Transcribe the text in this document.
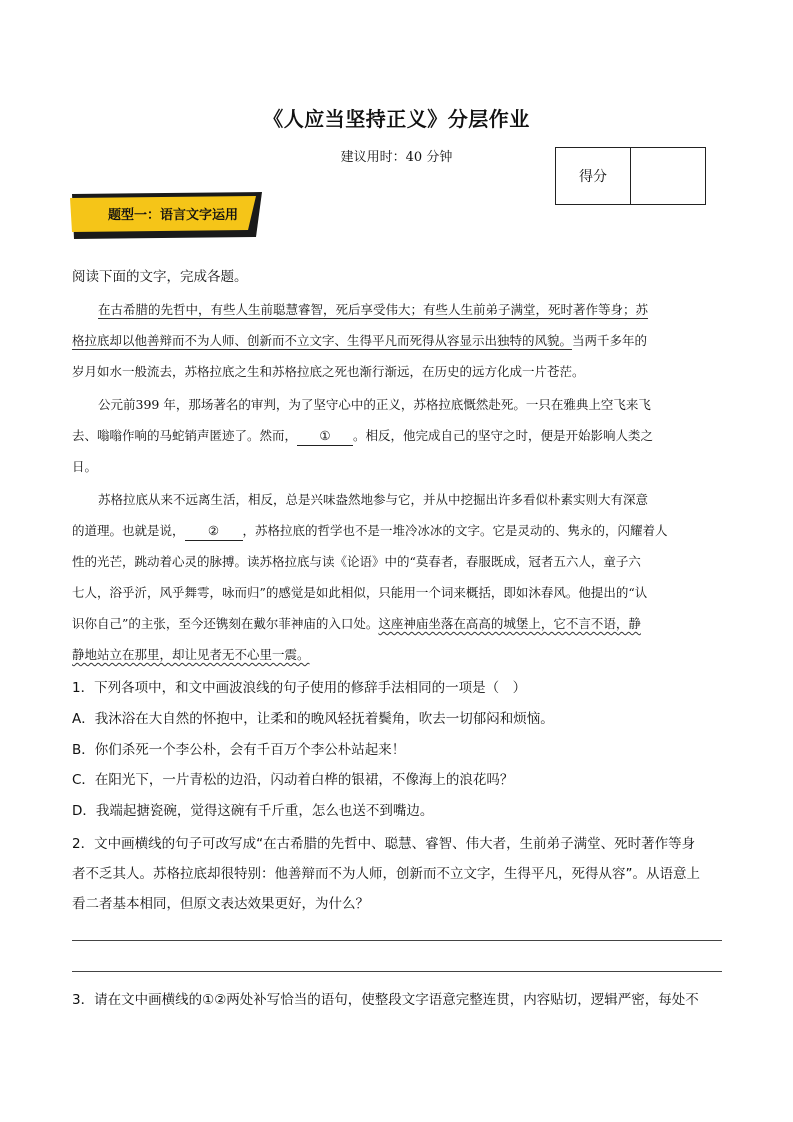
《人应当坚持正义》分层作业
建议用时：40 分钟
得分	
题型一：语言文字运用
阅读下面的文字，完成各题。
在古希腊的先哲中，有些人生前聪慧睿智，死后享受伟大；有些人生前弟子满堂，死时著作等身；苏
格拉底却以他善辩而不为人师、创新而不立文字、生得平凡而死得从容显示出独特的风貌。当两千多年的
岁月如水一般流去，苏格拉底之生和苏格拉底之死也渐行渐远，在历史的远方化成一片苍茫。
公元前399 年，那场著名的审判，为了坚守心中的正义，苏格拉底慨然赴死。一只在雅典上空飞来飞
去、嗡嗡作响的马蛇销声匿迹了。然而， ① 。相反，他完成自己的坚守之时，便是开始影响人类之
日。
苏格拉底从来不远离生活，相反，总是兴味盎然地参与它，并从中挖掘出许多看似朴素实则大有深意
的道理。也就是说， ② ，苏格拉底的哲学也不是一堆冷冰冰的文字。它是灵动的、隽永的，闪耀着人
性的光芒，跳动着心灵的脉搏。读苏格拉底与读《论语》中的“莫春者，春服既成，冠者五六人，童子六
七人，浴乎沂，风乎舞雩，咏而归”的感觉是如此相似，只能用一个词来概括，即如沐春风。他提出的“认
识你自己”的主张，至今还镌刻在戴尔菲神庙的入口处。这座神庙坐落在高高的城堡上，它不言不语，静
静地站立在那里，却让见者无不心里一震。
1．下列各项中，和文中画波浪线的句子使用的修辞手法相同的一项是（　）
A．我沐浴在大自然的怀抱中，让柔和的晚风轻抚着鬓角，吹去一切郁闷和烦恼。
B．你们杀死一个李公朴，会有千百万个李公朴站起来！
C．在阳光下，一片青松的边沿，闪动着白桦的银裙，不像海上的浪花吗？
D．我端起搪瓷碗，觉得这碗有千斤重，怎么也送不到嘴边。
2．文中画横线的句子可改写成“在古希腊的先哲中、聪慧、睿智、伟大者，生前弟子满堂、死时著作等身
者不乏其人。苏格拉底却很特别：他善辩而不为人师，创新而不立文字，生得平凡，死得从容”。从语意上
看二者基本相同，但原文表达效果更好，为什么？
3．请在文中画横线的①②两处补写恰当的语句，使整段文字语意完整连贯，内容贴切，逻辑严密，每处不
